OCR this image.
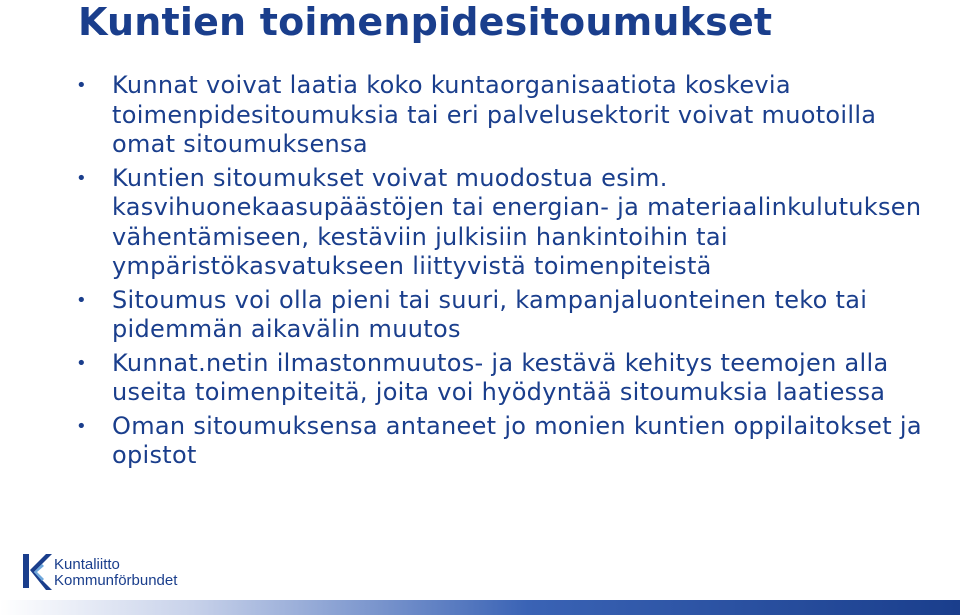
Kuntien toimenpidesitoumukset
• Kunnat voivat laatia koko kuntaorganisaatiota koskevia toimenpidesitoumuksia tai eri palvelusektorit voivat muotoilla omat sitoumuksensa
• Kuntien sitoumukset voivat muodostua esim. kasvihuonekaasupäästöjen tai energian- ja materiaalinkulutuksen vähentämiseen, kestäviin julkisiin hankintoihin tai ympäristökasvatukseen liittyvistä toimenpiteistä
• Sitoumus voi olla pieni tai suuri, kampanjaluonteinen teko tai pidemmän aikavälin muutos
• Kunnat.netin ilmastonmuutos- ja kestävä kehitys teemojen alla useita toimenpiteitä, joita voi hyödyntää sitoumuksia laatiessa
• Oman sitoumuksensa antaneet jo monien kuntien oppilaitokset ja opistot
Kuntaliitto
Kommunförbundet
